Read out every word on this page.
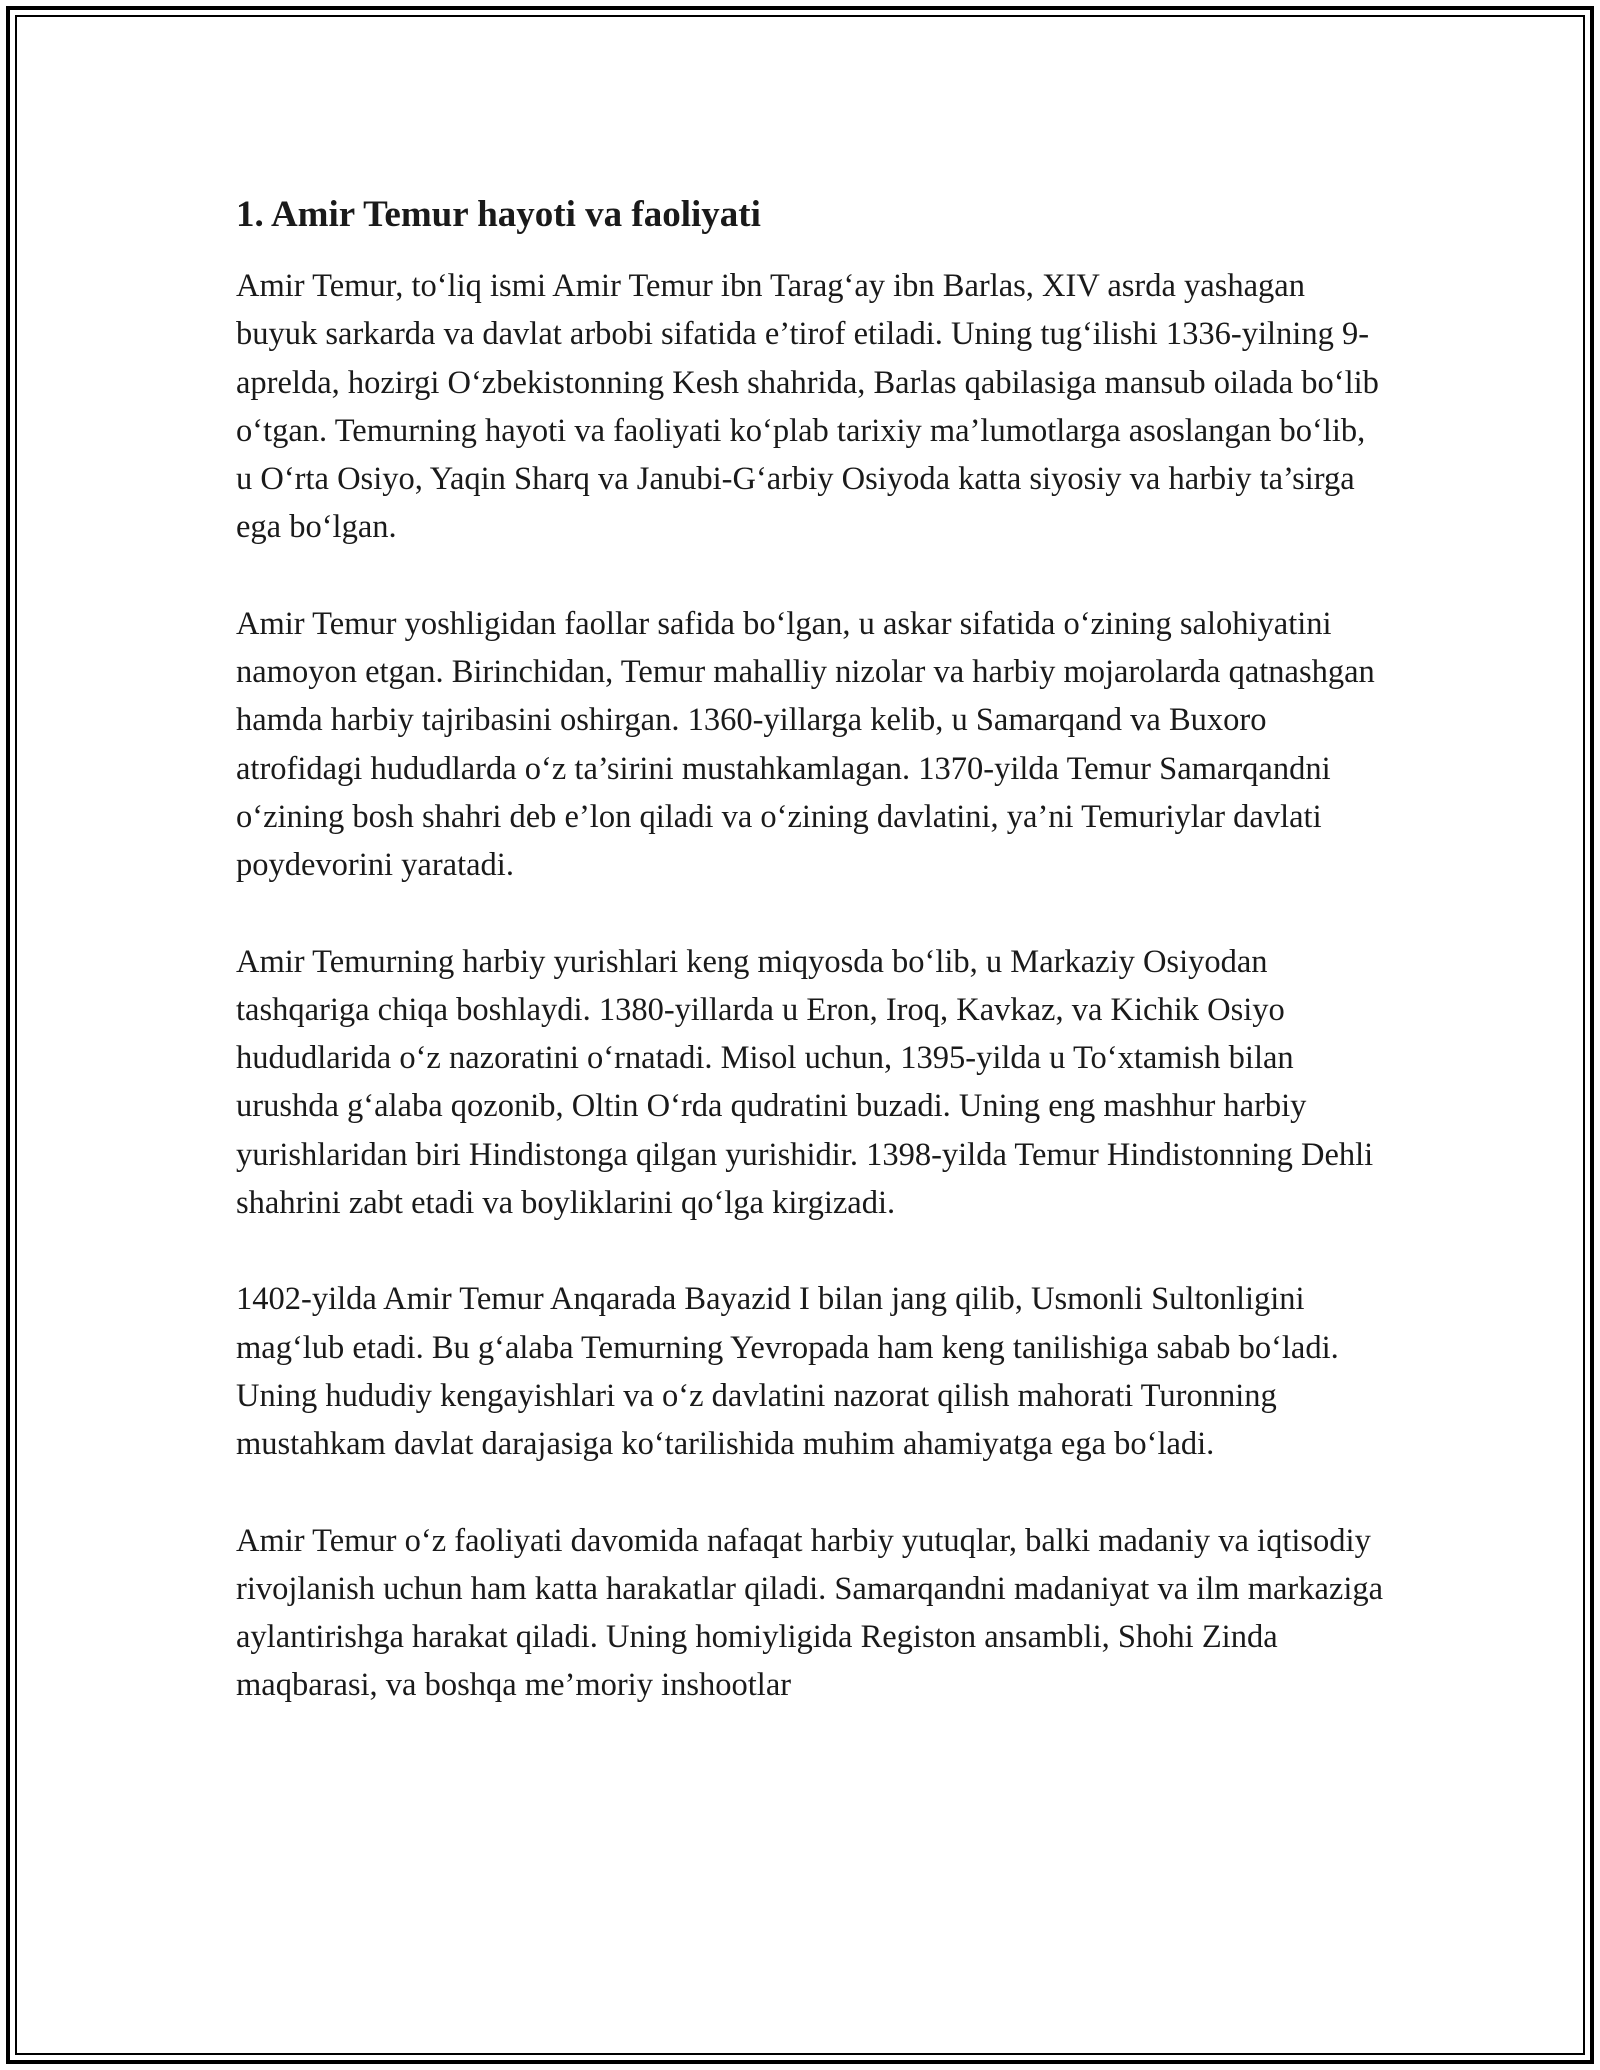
1. Amir Temur hayoti va faoliyati

Amir Temur, to‘liq ismi Amir Temur ibn Tarag‘ay ibn Barlas, XIV asrda yashagan buyuk sarkarda va davlat arbobi sifatida e’tirof etiladi. Uning tug‘ilishi 1336-yilning 9-aprelda, hozirgi O‘zbekistonning Kesh shahrida, Barlas qabilasiga mansub oilada bo‘lib o‘tgan. Temurning hayoti va faoliyati ko‘plab tarixiy ma’lumotlarga asoslangan bo‘lib, u O‘rta Osiyo, Yaqin Sharq va Janubi-G‘arbiy Osiyoda katta siyosiy va harbiy ta’sirga ega bo‘lgan.

Amir Temur yoshligidan faollar safida bo‘lgan, u askar sifatida o‘zining salohiyatini namoyon etgan. Birinchidan, Temur mahalliy nizolar va harbiy mojarolarda qatnashgan hamda harbiy tajribasini oshirgan. 1360-yillarga kelib, u Samarqand va Buxoro atrofidagi hududlarda o‘z ta’sirini mustahkamlagan. 1370-yilda Temur Samarqandni o‘zining bosh shahri deb e’lon qiladi va o‘zining davlatini, ya’ni Temuriylar davlati poydevorini yaratadi.

Amir Temurning harbiy yurishlari keng miqyosda bo‘lib, u Markaziy Osiyodan tashqariga chiqa boshlaydi. 1380-yillarda u Eron, Iroq, Kavkaz, va Kichik Osiyo hududlarida o‘z nazoratini o‘rnatadi. Misol uchun, 1395-yilda u To‘xtamish bilan urushda g‘alaba qozonib, Oltin O‘rda qudratini buzadi. Uning eng mashhur harbiy yurishlaridan biri Hindistonga qilgan yurishidir. 1398-yilda Temur Hindistonning Dehli shahrini zabt etadi va boyliklarini qo‘lga kirgizadi.

1402-yilda Amir Temur Anqarada Bayazid I bilan jang qilib, Usmonli Sultonligini mag‘lub etadi. Bu g‘alaba Temurning Yevropada ham keng tanilishiga sabab bo‘ladi. Uning hududiy kengayishlari va o‘z davlatini nazorat qilish mahorati Turonning mustahkam davlat darajasiga ko‘tarilishida muhim ahamiyatga ega bo‘ladi.

Amir Temur o‘z faoliyati davomida nafaqat harbiy yutuqlar, balki madaniy va iqtisodiy rivojlanish uchun ham katta harakatlar qiladi. Samarqandni madaniyat va ilm markaziga aylantirishga harakat qiladi. Uning homiyligida Registon ansambli, Shohi Zinda maqbarasi, va boshqa me’moriy inshootlar
